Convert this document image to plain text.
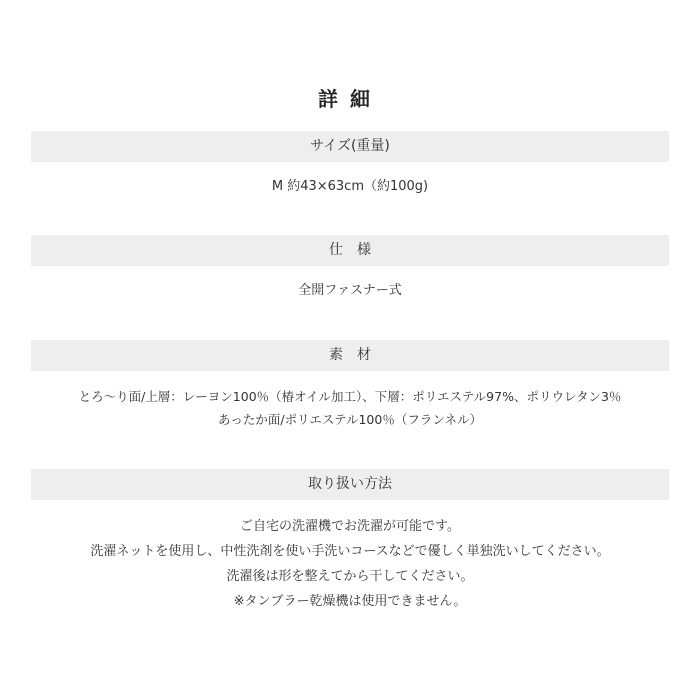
詳細
サイズ(重量)
M 約43×63cm（約100g)
仕様
全開ファスナー式
素材
とろ〜り面/上層：レーヨン100％（椿オイル加工）、下層：ポリエステル97%、ポリウレタン3％
あったか面/ポリエステル100％（フランネル）
取り扱い方法
ご自宅の洗濯機でお洗濯が可能です。
洗濯ネットを使用し、中性洗剤を使い手洗いコースなどで優しく単独洗いしてください。
洗濯後は形を整えてから干してください。
※タンブラー乾燥機は使用できません。
